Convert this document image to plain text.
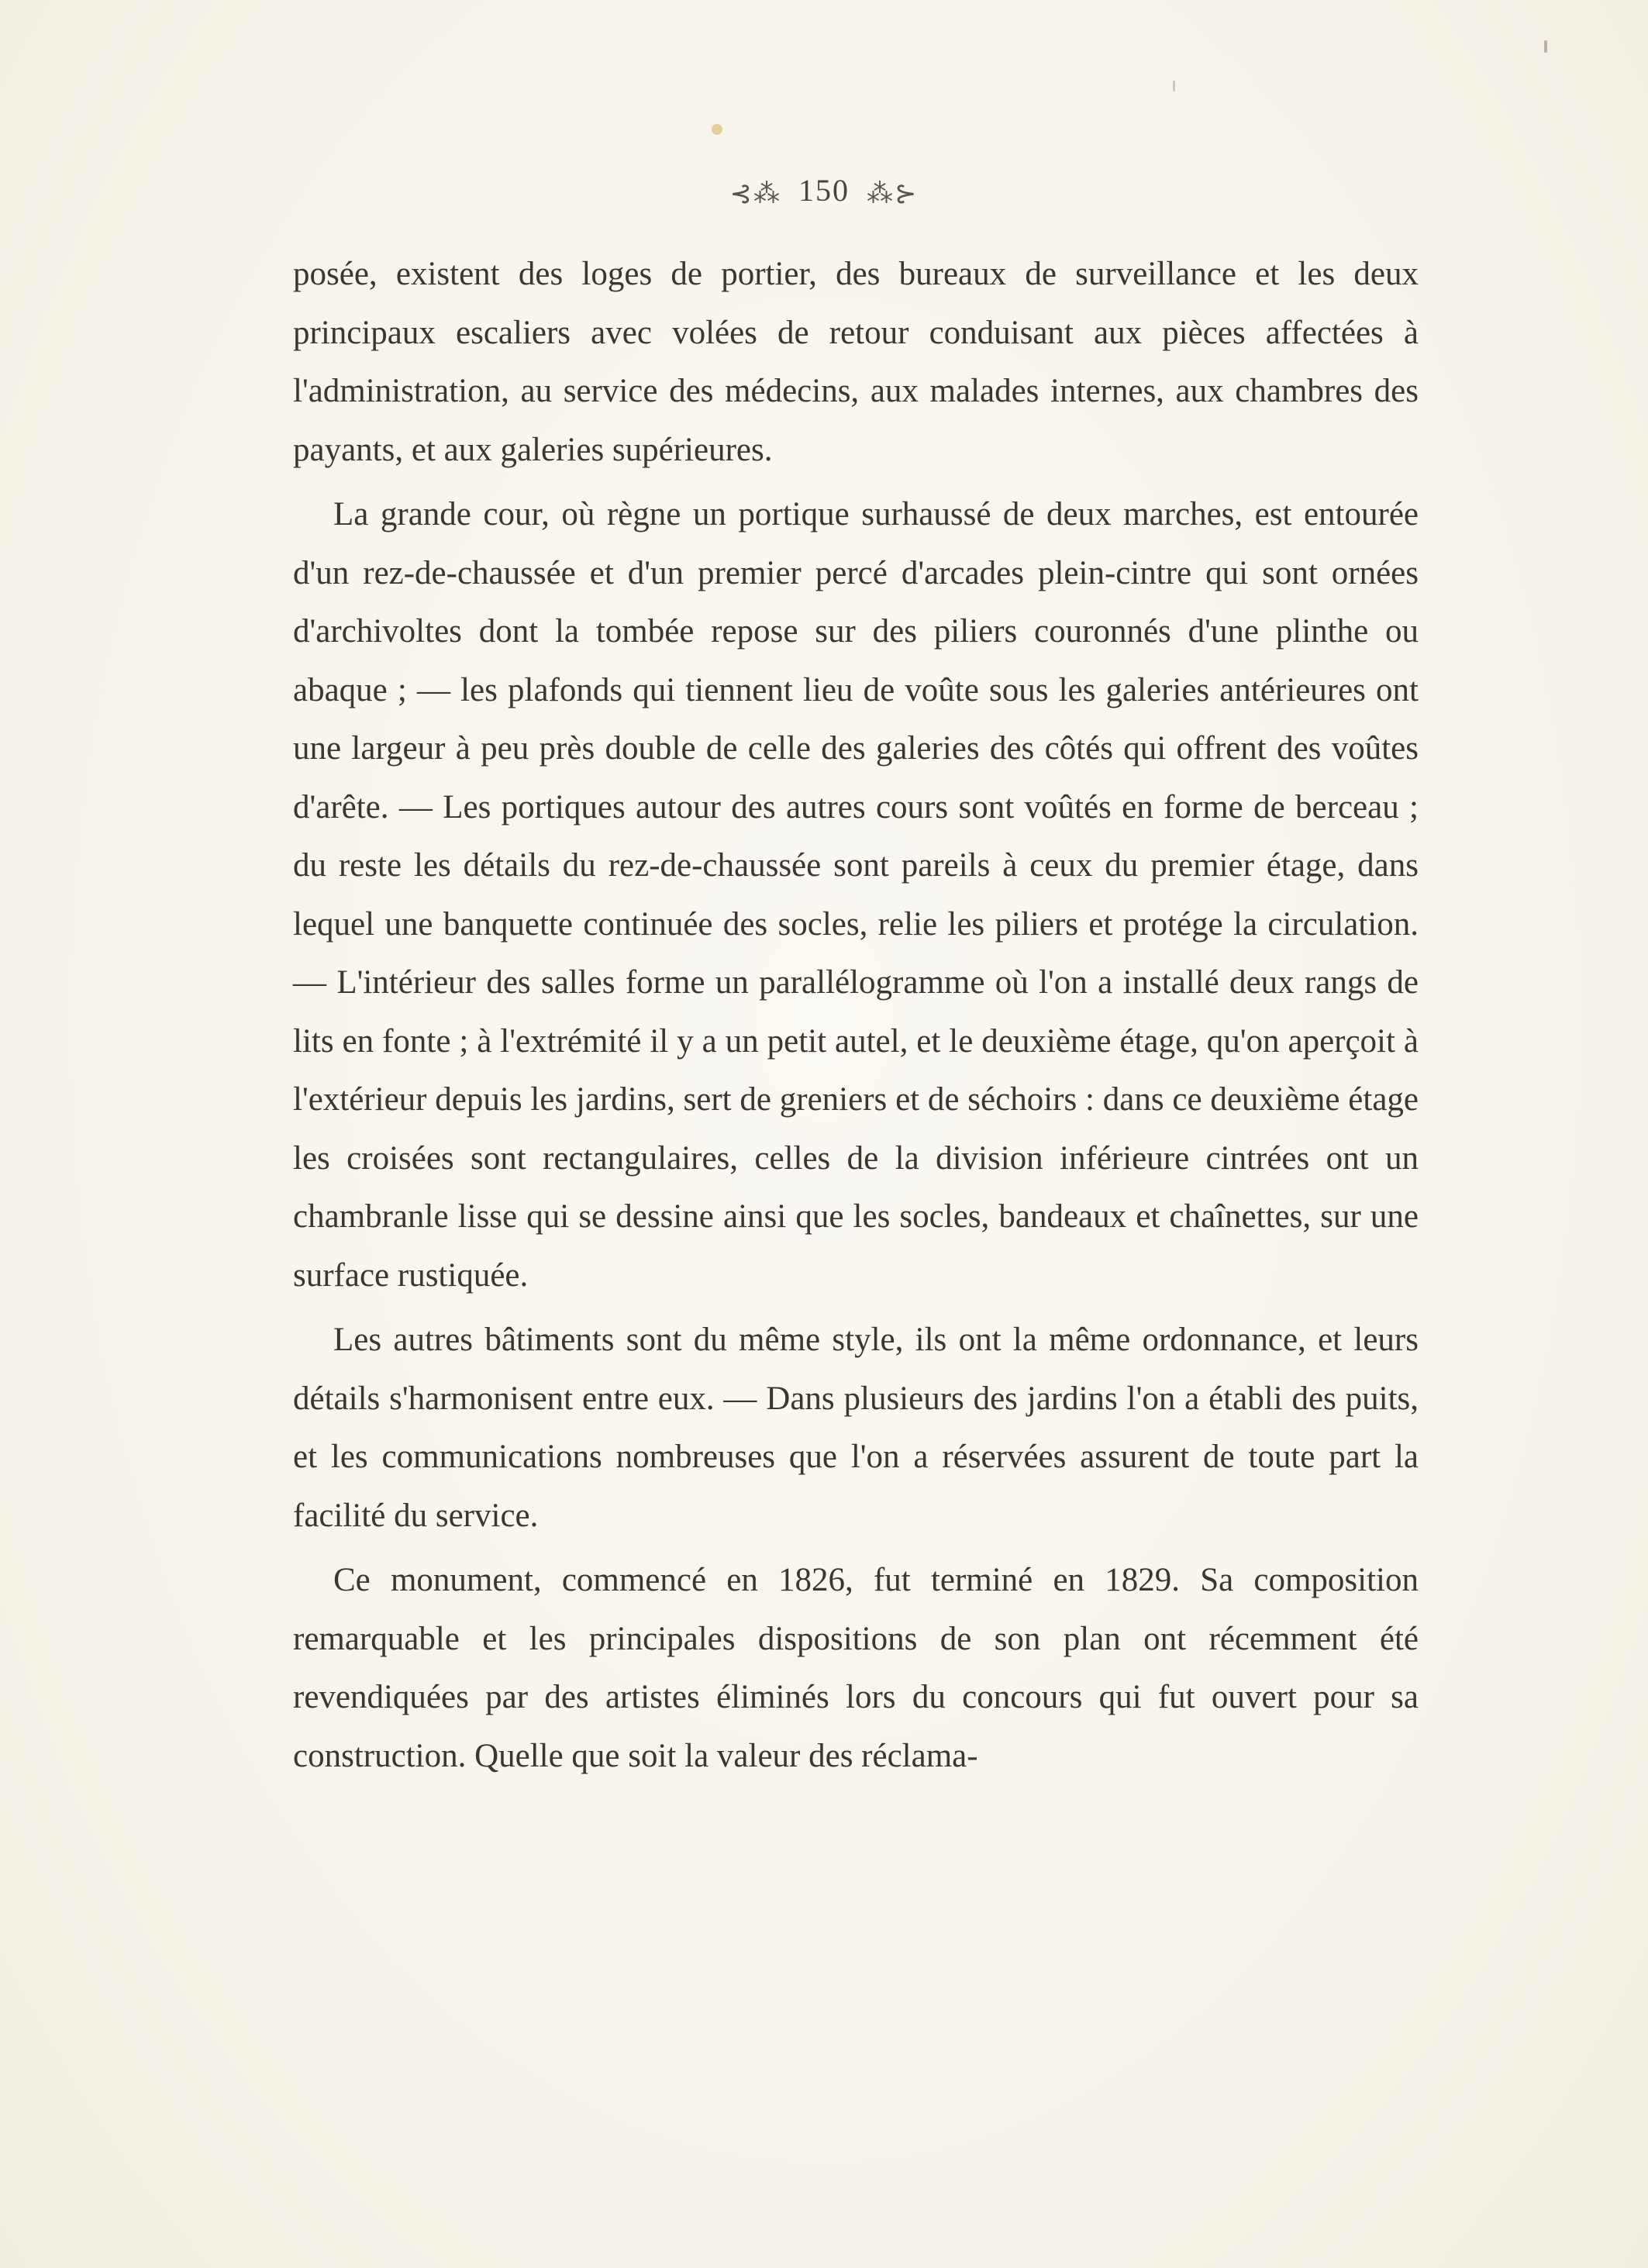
⊰⁂ 150 ⁂⊱

posée, existent des loges de portier, des bureaux de surveillance et les deux principaux escaliers avec volées de retour conduisant aux pièces affectées à l'administration, au service des médecins, aux malades internes, aux chambres des payants, et aux galeries supérieures.

La grande cour, où règne un portique surhaussé de deux marches, est entourée d'un rez-de-chaussée et d'un premier percé d'arcades plein-cintre qui sont ornées d'archivoltes dont la tombée repose sur des piliers couronnés d'une plinthe ou abaque ; — les plafonds qui tiennent lieu de voûte sous les galeries antérieures ont une largeur à peu près double de celle des galeries des côtés qui offrent des voûtes d'arête. — Les portiques autour des autres cours sont voûtés en forme de berceau ; du reste les détails du rez-de-chaussée sont pareils à ceux du premier étage, dans lequel une banquette continuée des socles, relie les piliers et protége la circulation. — L'intérieur des salles forme un parallélogramme où l'on a installé deux rangs de lits en fonte ; à l'extrémité il y a un petit autel, et le deuxième étage, qu'on aperçoit à l'extérieur depuis les jardins, sert de greniers et de séchoirs : dans ce deuxième étage les croisées sont rectangulaires, celles de la division inférieure cintrées ont un chambranle lisse qui se dessine ainsi que les socles, bandeaux et chaînettes, sur une surface rustiquée.

Les autres bâtiments sont du même style, ils ont la même ordonnance, et leurs détails s'harmonisent entre eux. — Dans plusieurs des jardins l'on a établi des puits, et les communications nombreuses que l'on a réservées assurent de toute part la facilité du service.

Ce monument, commencé en 1826, fut terminé en 1829. Sa composition remarquable et les principales dispositions de son plan ont récemment été revendiquées par des artistes éliminés lors du concours qui fut ouvert pour sa construction. Quelle que soit la valeur des réclama-
